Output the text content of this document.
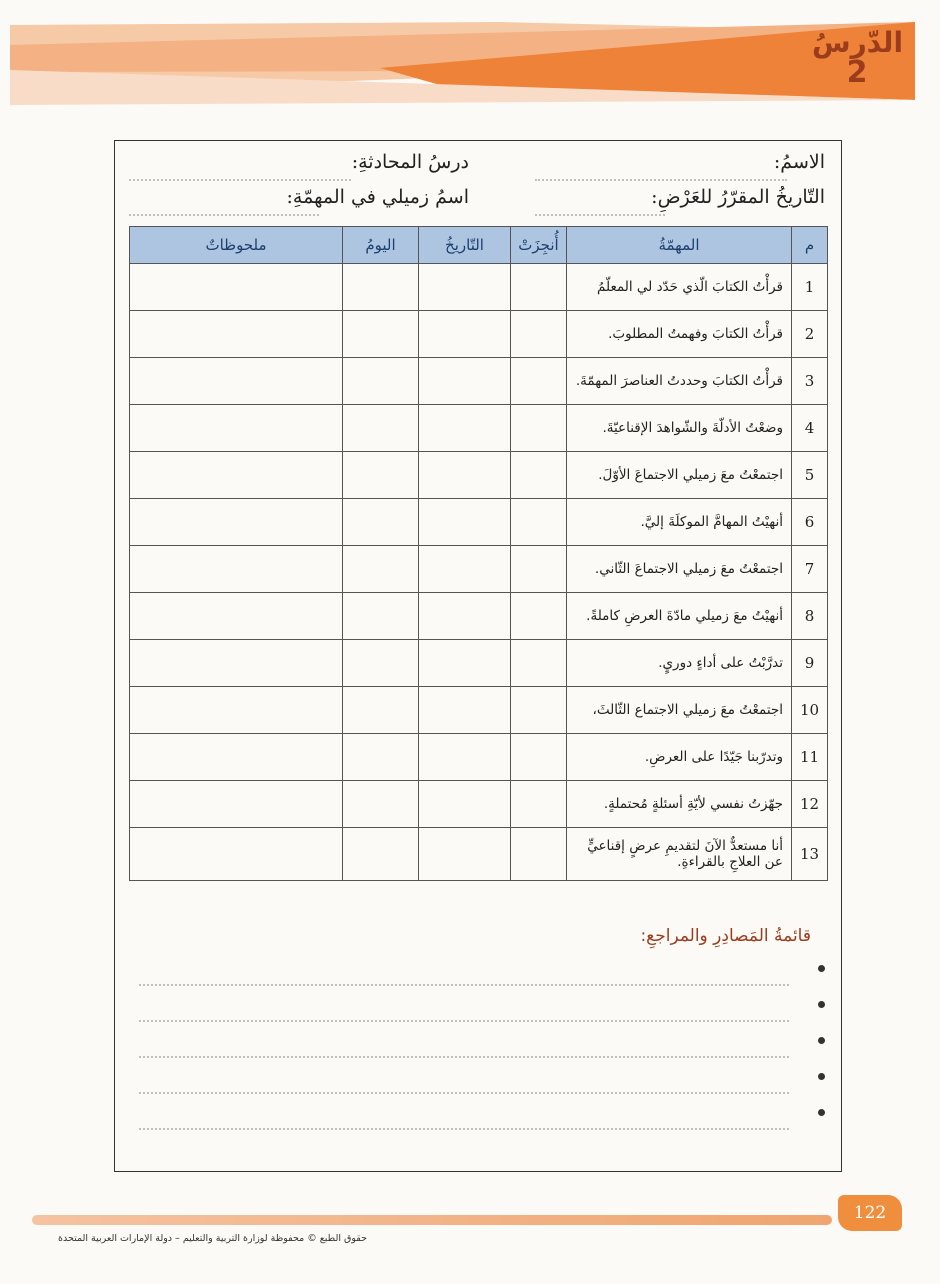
الدّرسُ
2
الاسمُ:
درسُ المحادثةِ:
التّاريخُ المقرّرُ للعَرْضِ:
اسمُ زميلي في المهمّةِ:
م	المهمّةُ	أُنجِزَتْ	التّاريخُ	اليومُ	ملحوظاتٌ
1	قرأْتُ الكتابَ الّذي حَدّد لي المعلّمُ				
2	قرأْتُ الكتابَ وفهمتُ المطلوبَ.				
3	قرأْتُ الكتابَ وحددتُ العناصرَ المهمّةَ.				
4	وضعْتُ الأدلّةَ والشّواهدَ الإقناعيّةَ.				
5	اجتمعْتُ معَ زميلي الاجتماعَ الأوّلَ.				
6	أنهيْتُ المهامَّ الموكلَةَ إليَّ.				
7	اجتمعْتُ معَ زميلي الاجتماعَ الثّاني.				
8	أنهيْتُ معَ زميلي مادّةَ العرضِ كاملةً.				
9	تدرَّبْتُ على أداءٍ دوريٍ.				
10	اجتمعْتُ معَ زميلي الاجتماع الثّالثَ،				
11	وتدرّبنا جَيّدًا على العرضِ.				
12	جهّزتُ نفسي لأيّةِ أسئلةٍ مُحتملةٍ.				
13	أنا مستعدٌّ الآنَ لتقديمِ عرضٍ إقناعيٍّ عن العلاجِ بالقراءةِ.				
قائمةُ المَصادِرِ والمراجعِ:
122
حقوق الطبع © محفوظة لوزارة التربية والتعليم – دولة الإمارات العربية المتحدة
